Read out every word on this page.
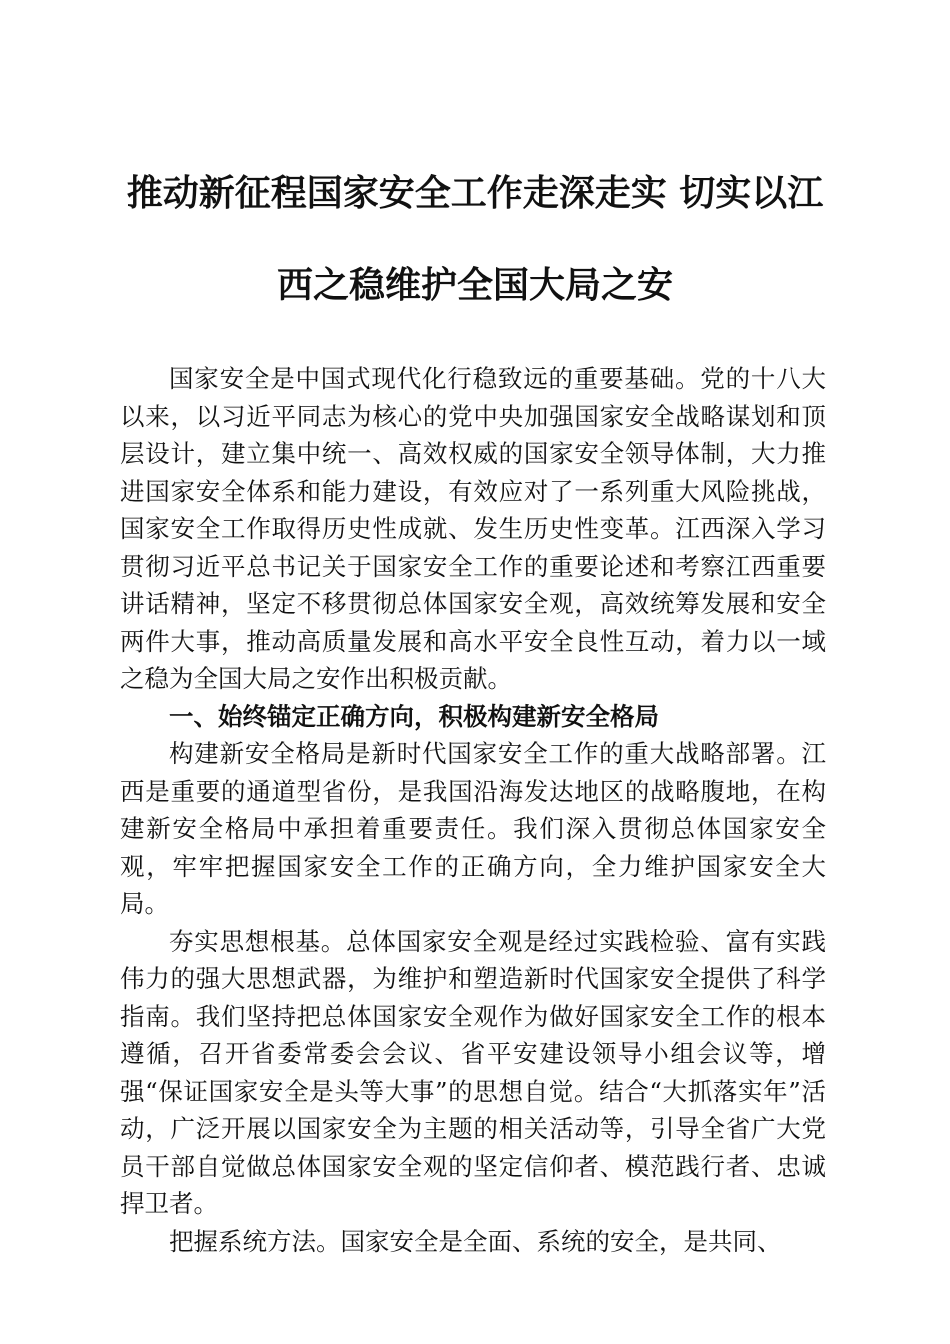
推动新征程国家安全工作走深走实 切实以江
西之稳维护全国大局之安

国家安全是中国式现代化行稳致远的重要基础。党的十八大以来，以习近平同志为核心的党中央加强国家安全战略谋划和顶层设计，建立集中统一、高效权威的国家安全领导体制，大力推进国家安全体系和能力建设，有效应对了一系列重大风险挑战，国家安全工作取得历史性成就、发生历史性变革。江西深入学习贯彻习近平总书记关于国家安全工作的重要论述和考察江西重要讲话精神，坚定不移贯彻总体国家安全观，高效统筹发展和安全两件大事，推动高质量发展和高水平安全良性互动，着力以一域之稳为全国大局之安作出积极贡献。

一、始终锚定正确方向，积极构建新安全格局

构建新安全格局是新时代国家安全工作的重大战略部署。江西是重要的通道型省份，是我国沿海发达地区的战略腹地，在构建新安全格局中承担着重要责任。我们深入贯彻总体国家安全观，牢牢把握国家安全工作的正确方向，全力维护国家安全大局。

夯实思想根基。总体国家安全观是经过实践检验、富有实践伟力的强大思想武器，为维护和塑造新时代国家安全提供了科学指南。我们坚持把总体国家安全观作为做好国家安全工作的根本遵循，召开省委常委会会议、省平安建设领导小组会议等，增强“保证国家安全是头等大事”的思想自觉。结合“大抓落实年”活动，广泛开展以国家安全为主题的相关活动等，引导全省广大党员干部自觉做总体国家安全观的坚定信仰者、模范践行者、忠诚捍卫者。

把握系统方法。国家安全是全面、系统的安全，是共同、
